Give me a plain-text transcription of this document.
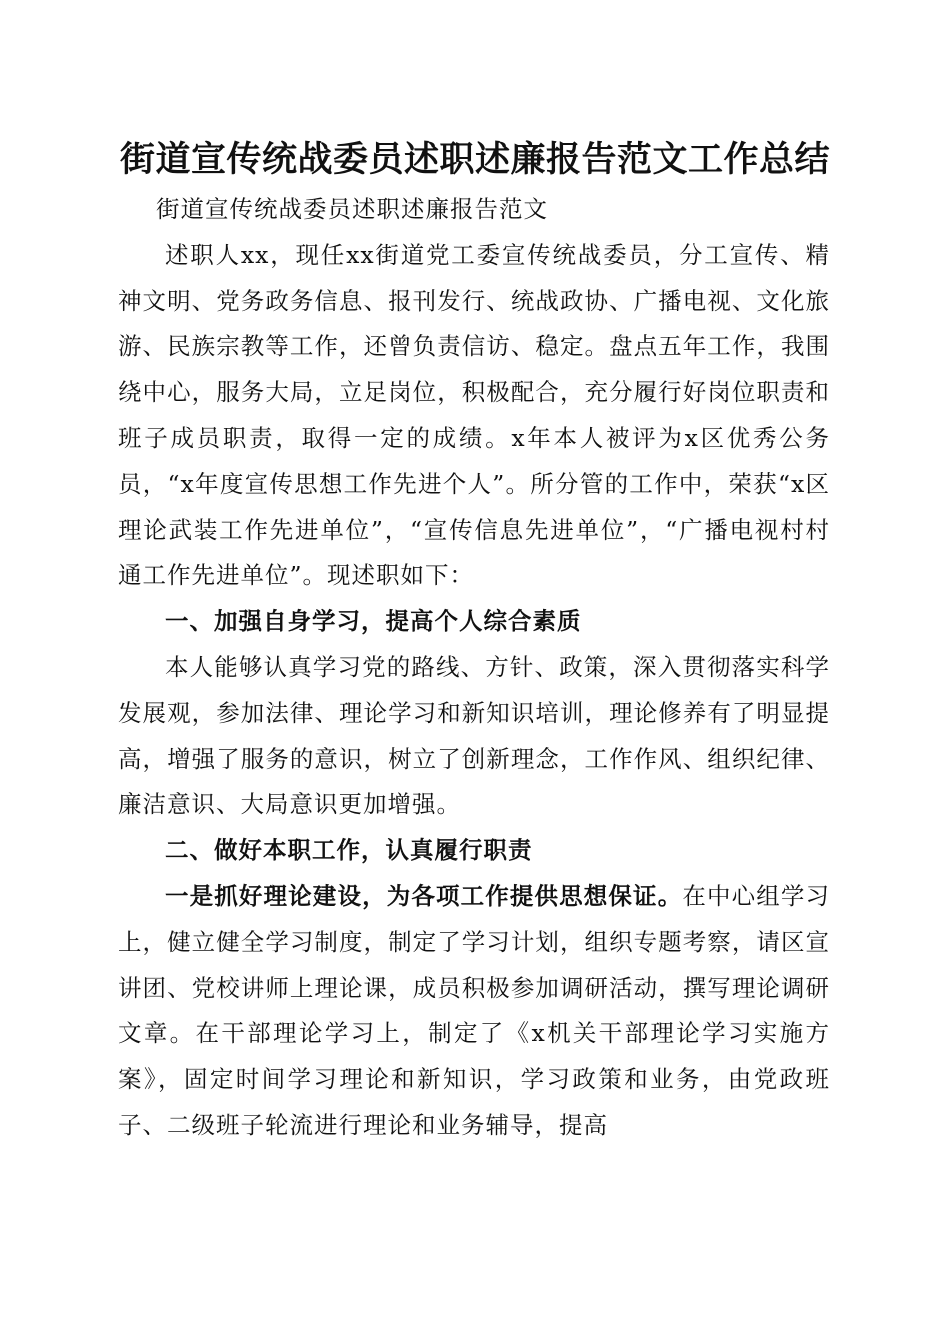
街道宣传统战委员述职述廉报告范文工作总结

街道宣传统战委员述职述廉报告范文

述职人xx，现任xx街道党工委宣传统战委员，分工宣传、精神文明、党务政务信息、报刊发行、统战政协、广播电视、文化旅游、民族宗教等工作，还曾负责信访、稳定。盘点五年工作，我围绕中心，服务大局，立足岗位，积极配合，充分履行好岗位职责和班子成员职责，取得一定的成绩。x年本人被评为x区优秀公务员，“x年度宣传思想工作先进个人”。所分管的工作中，荣获“x区理论武装工作先进单位”，“宣传信息先进单位”，“广播电视村村通工作先进单位”。现述职如下：

一、加强自身学习，提高个人综合素质

本人能够认真学习党的路线、方针、政策，深入贯彻落实科学发展观，参加法律、理论学习和新知识培训，理论修养有了明显提高，增强了服务的意识，树立了创新理念，工作作风、组织纪律、廉洁意识、大局意识更加增强。

二、做好本职工作，认真履行职责

一是抓好理论建设，为各项工作提供思想保证。在中心组学习上，健立健全学习制度，制定了学习计划，组织专题考察，请区宣讲团、党校讲师上理论课，成员积极参加调研活动，撰写理论调研文章。在干部理论学习上，制定了《x机关干部理论学习实施方案》，固定时间学习理论和新知识，学习政策和业务，由党政班子、二级班子轮流进行理论和业务辅导，提高
